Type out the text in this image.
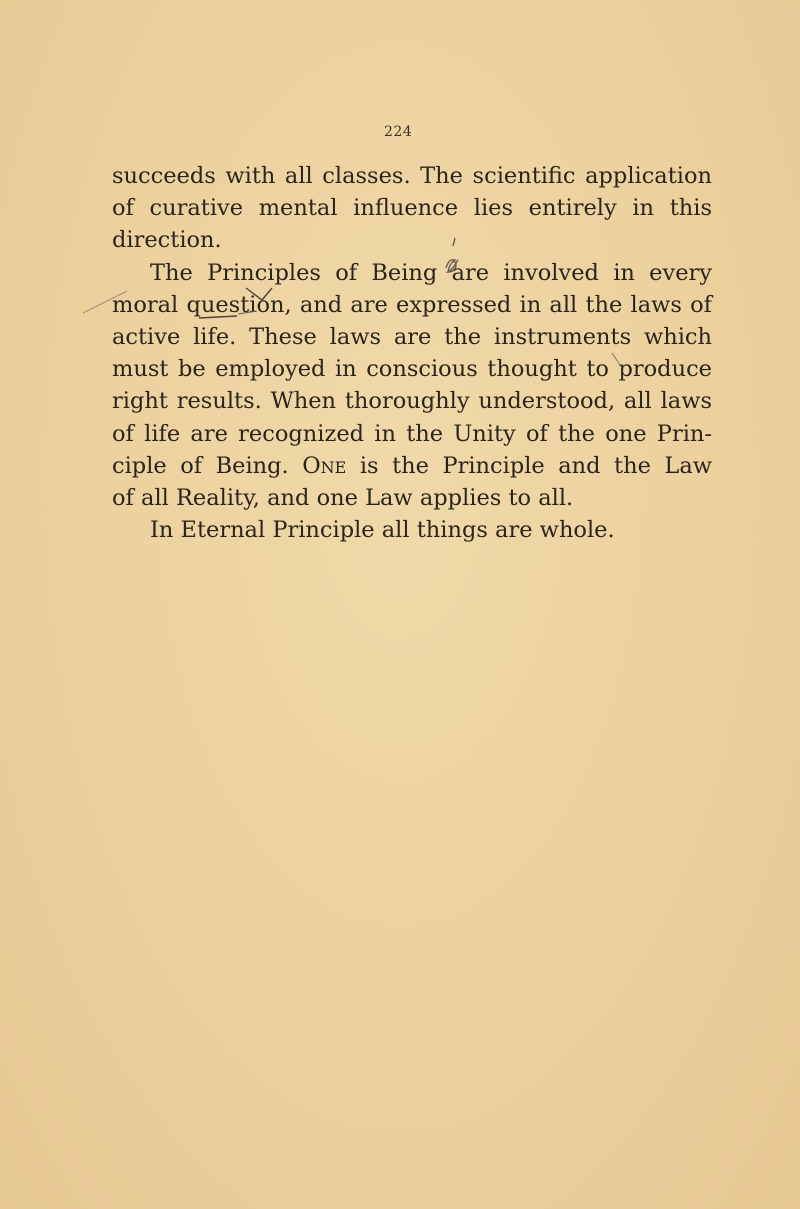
224
succeeds with all classes. The scientific application
of curative mental influence lies entirely in this
direction.
The Principles of Being are involved in every
moral question, and are expressed in all the laws of
active life. These laws are the instruments which
must be employed in conscious thought to produce
right results. When thoroughly understood, all laws
of life are recognized in the Unity of the one Prin-
ciple of Being. One is the Principle and the Law
of all Reality, and one Law applies to all.
In Eternal Principle all things are whole.
